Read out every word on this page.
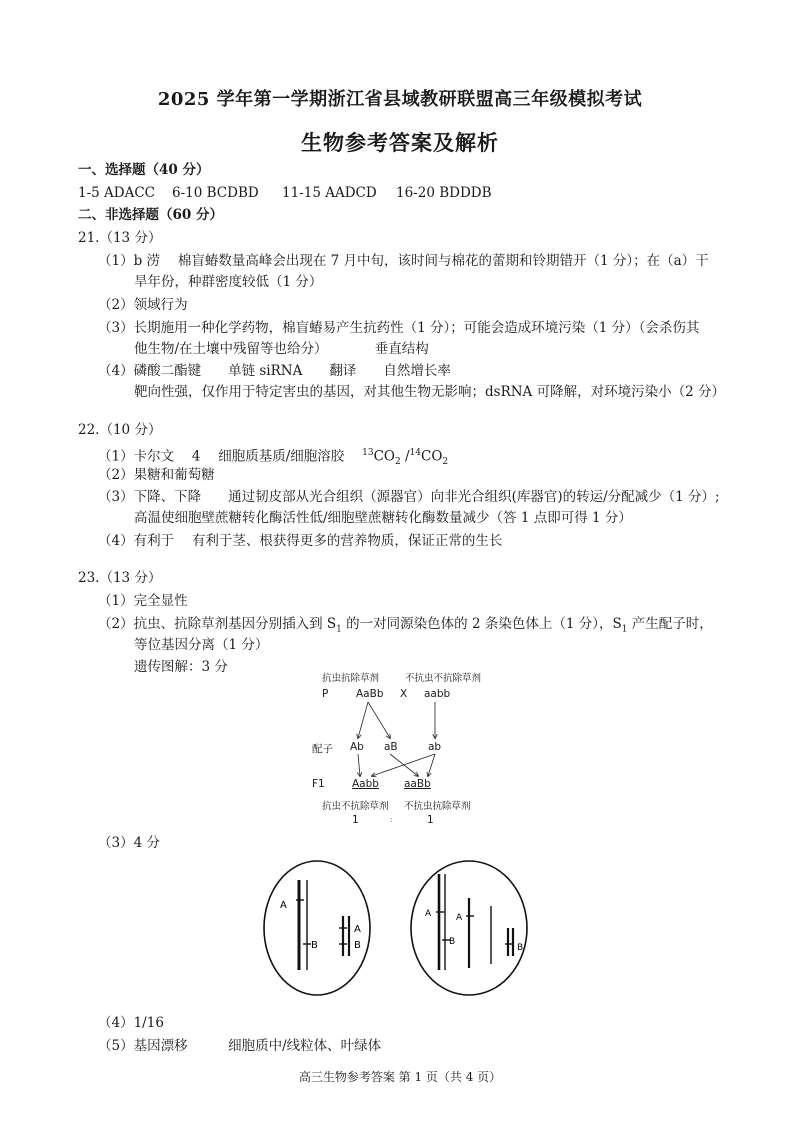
2025 学年第一学期浙江省县域教研联盟高三年级模拟考试
生物参考答案及解析
一、选择题（40 分）
1-5 ADACC 6-10 BCDBD 11-15 AADCD 16-20 BDDDB
二、非选择题（60 分）
21.（13 分）
（1）b 涝　 棉盲蝽数量高峰会出现在 7 月中旬，该时间与棉花的蕾期和铃期错开（1 分）；在（a）干
旱年份，种群密度较低（1 分）
（2）领域行为
（3）长期施用一种化学药物，棉盲蝽易产生抗药性（1 分）；可能会造成环境污染（1 分）（会杀伤其
他生物/在土壤中残留等也给分）　　　　垂直结构
（4）磷酸二酯键　　单链 siRNA　　翻译　　自然增长率
靶向性强，仅作用于特定害虫的基因，对其他生物无影响；dsRNA 可降解，对环境污染小（2 分）
22.（10 分）
（1）卡尔文　 4　 细胞质基质/细胞溶胶　 $^{13}CO_2$ $/^{14}CO_2$
（2）果糖和葡萄糖
（3）下降、下降　　通过韧皮部从光合组织（源器官）向非光合组织(库器官)的转运/分配减少（1 分）;
高温使细胞壁蔗糖转化酶活性低/细胞壁蔗糖转化酶数量减少（答 1 点即可得 1 分）
（4）有利于　 有利于茎、根获得更多的营养物质，保证正常的生长
23.（13 分）
（1）完全显性
（2）抗虫、抗除草剂基因分别插入到 $S_1$ 的一对同源染色体的 2 条染色体上（1 分），$S_1$ 产生配子时，
等位基因分离（1 分）
遗传图解：3 分
抗虫抗除草剂	不抗虫不抗除草剂
P	AaBb X aabb
配子 Ab aB	ab
F1	Aabb aaBb
抗虫不抗除草剂 不抗虫抗除草剂
1	:	1
（3）4 分
A
B
A
B
A
B
A
B
（4）1/16
（5）基因漂移　　　细胞质中/线粒体、叶绿体
高三生物参考答案 第 1 页（共 4 页）
